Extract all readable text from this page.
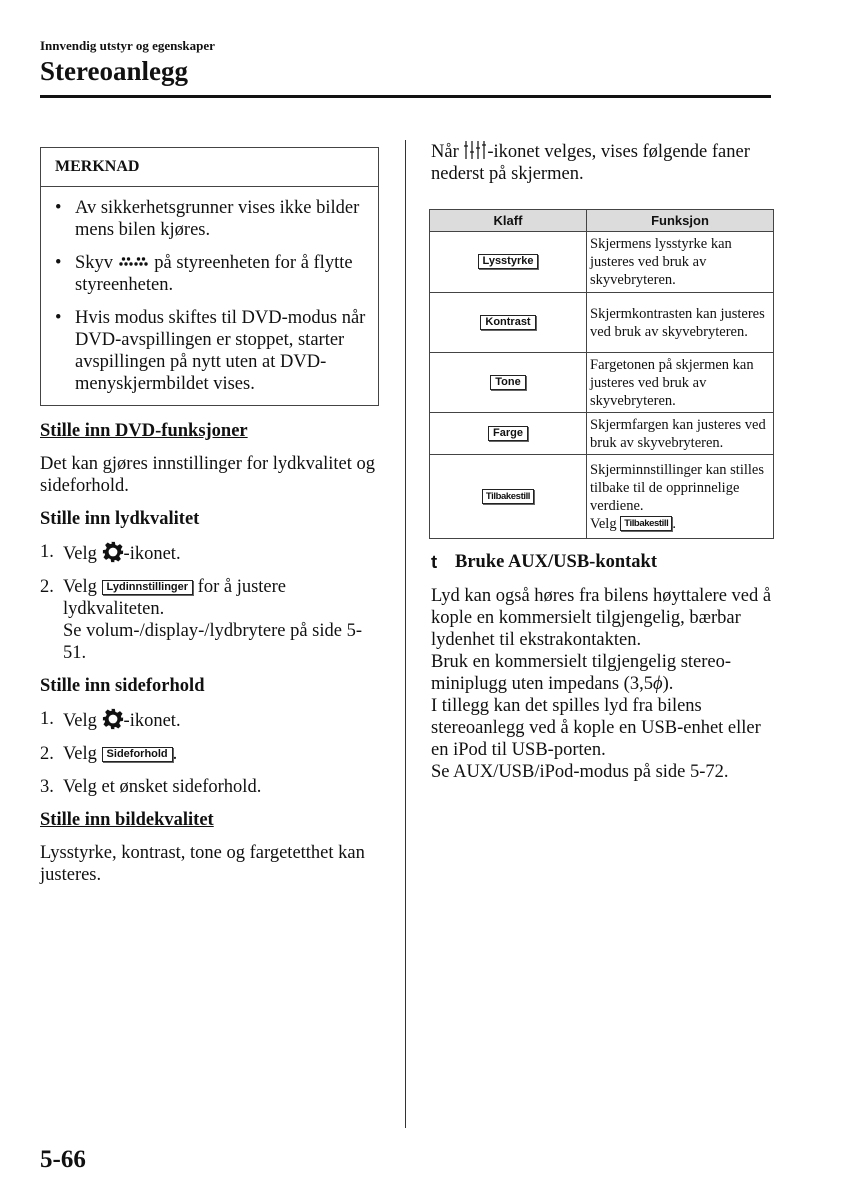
Innvendig utstyr og egenskaper
Stereoanlegg
MERKNAD
•
Av sikkerhetsgrunner vises ikke bilder mens bilen kjøres.
•
Skyv på styreenheten for å flytte styreenheten.
•
Hvis modus skiftes til DVD-modus når DVD-avspillingen er stoppet, starter avspillingen på nytt uten at DVD-menyskjermbildet vises.
Stille inn DVD-funksjoner
Det kan gjøres innstillinger for lydkvalitet og sideforhold.
Stille inn lydkvalitet
1. Velg -ikonet.
2. Velg Lydinnstillinger for å justere lydkvaliteten.
Se volum-/display-/lydbrytere på side 5-51.
Stille inn sideforhold
1. Velg -ikonet.
2. Velg Sideforhold .
3. Velg et ønsket sideforhold.
Stille inn bildekvalitet
Lysstyrke, kontrast, tone og fargetetthet kan justeres.
Når -ikonet velges, vises følgende faner nederst på skjermen.
Klaff	Funksjon
Lysstyrke	Skjermens lysstyrke kan justeres ved bruk av skyvebryteren.
Kontrast	Skjermkontrasten kan justeres ved bruk av skyvebryteren.
Tone	Fargetonen på skjermen kan justeres ved bruk av skyvebryteren.
Farge	Skjermfargen kan justeres ved bruk av skyvebryteren.
Tilbakestill	Skjerminnstillinger kan stilles tilbake til de opprinnelige verdiene.
Velg Tilbakestill .
t Bruke AUX/USB-kontakt
Lyd kan også høres fra bilens høyttalere ved å kople en kommersielt tilgjengelig, bærbar lydenhet til ekstrakontakten.
Bruk en kommersielt tilgjengelig stereo-miniplugg uten impedans (3,5ϕ).
I tillegg kan det spilles lyd fra bilens stereoanlegg ved å kople en USB-enhet eller en iPod til USB-porten.
Se AUX/USB/iPod-modus på side 5-72.
5-66
